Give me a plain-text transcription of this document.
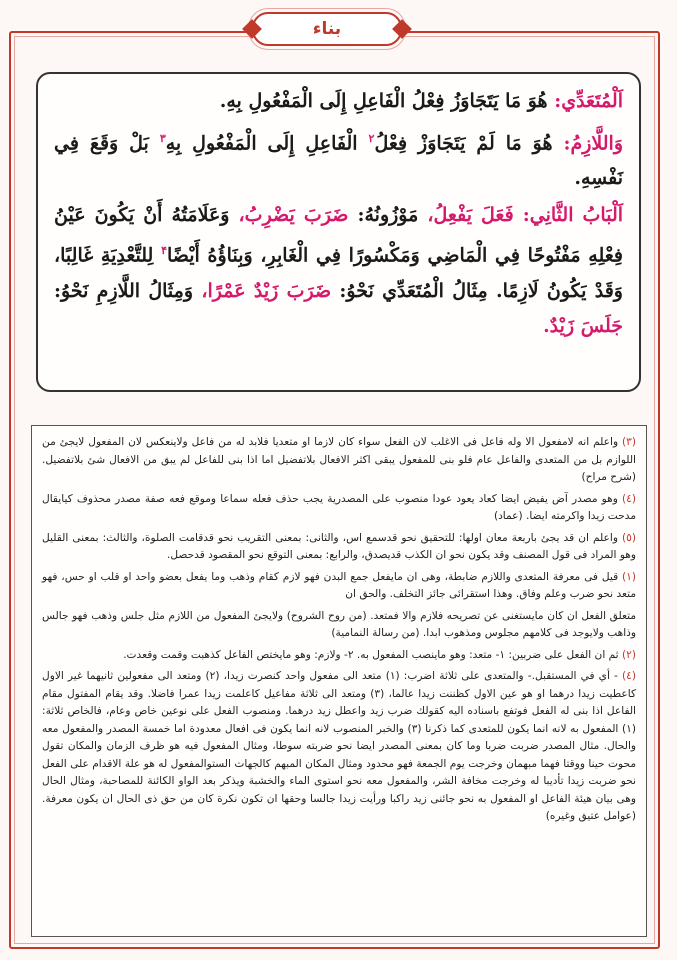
بناء

اَلْمُتَعَدِّي: هُوَ مَا يَتَجَاوَزُ فِعْلُ الْفَاعِلِ إِلَى الْمَفْعُولِ بِهِ.

وَاللَّازِمُ: هُوَ مَا لَمْ يَتَجَاوَزْ فِعْلُ$^۲$ الْفَاعِلِ إِلَى الْمَفْعُولِ بِهِ$^۳$ بَلْ وَقَعَ فِي نَفْسِهِ.

اَلْبَابُ الثَّانِي: فَعَلَ يَفْعِلُ، مَوْزُونُهُ: ضَرَبَ يَضْرِبُ، وَعَلَامَتُهُ أَنْ يَكُونَ عَيْنُ فِعْلِهِ مَفْتُوحًا فِي الْمَاضِي وَمَكْسُورًا فِي الْغَابِرِ، وَبِنَاؤُهُ أَيْضًا$^۴$ لِلتَّعْدِيَةِ غَالِبًا، وَقَدْ يَكُونُ لَازِمًا. مِثَالُ الْمُتَعَدِّي نَحْوُ: ضَرَبَ زَيْدٌ عَمْرًا، وَمِثَالُ اللَّازِمِ نَحْوُ: جَلَسَ زَيْدٌ.

(۳) واعلم انه لامفعول الا وله فاعل فى الاغلب لان الفعل سواء كان لازما او متعديا فلابد له من فاعل ولاينعكس لان المفعول لايجئ من اللوازم بل من المتعدى والفاعل عام فلو بنى للمفعول يبقى اكثر الافعال بلاتفضيل اما اذا بنى للفاعل لم يبق من الافعال شئ بلاتفضيل. (شرح مراح)

(٤) وهو مصدر آض يفيض ايضا كعاد يعود عودا منصوب على المصدرية يجب حذف فعله سماعا وموقع فعه صفة مصدر محذوف كيايقال مدحت زيدا واكرمته ايضا. (عماد)

(٥) واعلم ان قد يجئ باربعة معان اولها: للتحقيق نحو قدسمع اس، والثانى: بمعنى التقريب نحو قدقامت الصلوة، والثالث: بمعنى القليل وهو المراد فى قول المصنف وقد يكون نحو ان الكذب قديصدق، والرابع: بمعنى التوقع نحو المقصود قدحصل.

(١) قيل فى معرفة المتعدى واللازم ضابطة، وهى ان مايفعل جمع البدن فهو لازم كقام وذهب وما يفعل بعضو واحد او قلب او حس، فهو متعد نحو ضرب وعلم وفاق. وهذا استقرائى جائز التخلف. والحق ان

متعلق الفعل ان كان مايستغنى عن تصريحه فلازم والا فمتعد. (من روح الشروح) ولايجئ المفعول من اللازم مثل جلس وذهب فهو جالس وذاهب ولايوجد فى كلامهم مجلوس ومذهوب ابدا. (من رسالة النمامية)

(٢) ثم ان الفعل على ضربين: ١- متعد: وهو ماينصب المفعول به. ٢- ولازم: وهو مايختص الفاعل كذهبت وقمت وقعدت.

(٤) - أي في المستقبل.- والمتعدى على ثلاثة اضرب: (١) متعد الى مفعول واحد كنصرت زيدا، (٢) ومتعد الى مفعولين ثانيهما غير الاول كاعطيت زيدا درهما او هو عين الاول كظننت زيدا عالما، (٣) ومتعد الى ثلاثة مفاعيل كاعلمت زيدا عمرا فاضلا. وقد يقام المفتول مقام الفاعل اذا بنى له الفعل فوتفع باسناده اليه كقولك ضرب زيد واعطل زيد درهما. ومنصوب الفعل على نوعين خاص وعام، فالخاص ثلاثة: (١) المفعول به لانه انما يكون للمتعدى كما ذكرنا (٣) والخبر المنصوب لانه انما يكون فى افعال معدودة اما خمسة المصدر والمفعول معه والحال. مثال المصدر ضربت ضربا وما كان بمعنى المصدر ايضا نحو ضربته سوطا، ومثال المفعول فيه هو ظرف الزمان والمكان تقول محوت حينا ووقتا فهما مبهمان وخرجت يوم الجمعة فهو محدود ومثال المكان المبهم كالجهات الستوالمفعول له هو علة الاقدام على الفعل نحو ضربت زيدا تأديبا له وخرجت مخافة الشر، والمفعول معه نحو استوى الماء والخشبة ويذكر بعد الواو الكائنة للمصاحبة، ومثال الحال وهى بيان هيئة الفاعل او المفعول به نحو جائنى زيد راكبا ورأيت زيدا جالسا وحقها ان تكون نكرة كان من حق ذى الحال ان يكون معرفة. (عوامل عتيق وغيره)
